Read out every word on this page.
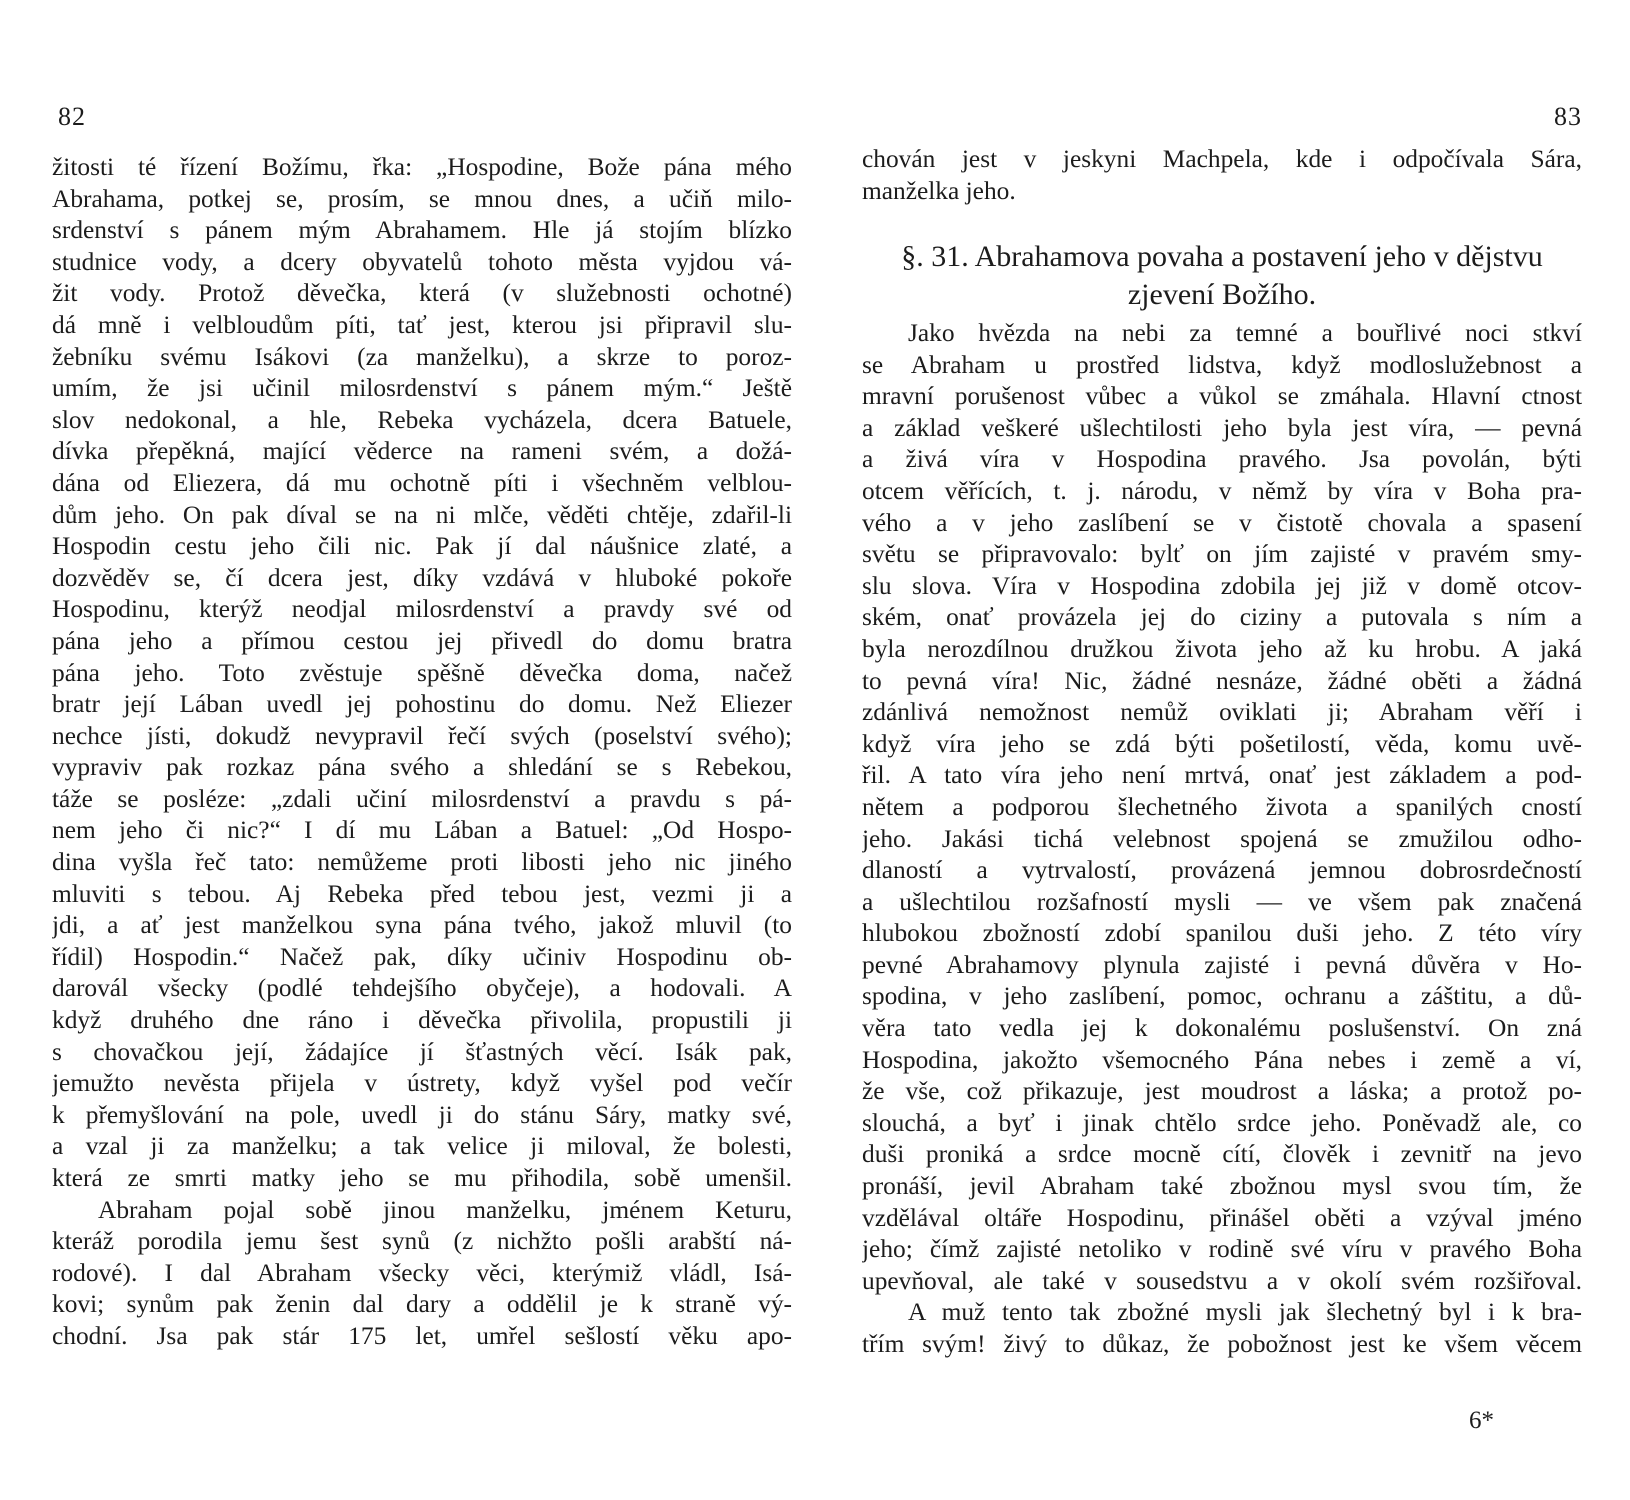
82
žitosti té řízení Božímu, řka: „Hospodine, Bože pána mého
Abrahama, potkej se, prosím, se mnou dnes, a učiň milo-
srdenství s pánem mým Abrahamem. Hle já stojím blízko
studnice vody, a dcery obyvatelů tohoto města vyjdou vá-
žit vody. Protož děvečka, která (v služebnosti ochotné)
dá mně i velbloudům píti, tať jest, kterou jsi připravil slu-
žebníku svému Isákovi (za manželku), a skrze to poroz-
umím, že jsi učinil milosrdenství s pánem mým.“ Ještě
slov nedokonal, a hle, Rebeka vycházela, dcera Batuele,
dívka přepěkná, mající věderce na rameni svém, a dožá-
dána od Eliezera, dá mu ochotně píti i všechněm velblou-
dům jeho. On pak díval se na ni mlče, věděti chtěje, zdařil-li
Hospodin cestu jeho čili nic. Pak jí dal náušnice zlaté, a
dozvěděv se, čí dcera jest, díky vzdává v hluboké pokoře
Hospodinu, kterýž neodjal milosrdenství a pravdy své od
pána jeho a přímou cestou jej přivedl do domu bratra
pána jeho. Toto zvěstuje spěšně děvečka doma, načež
bratr její Lában uvedl jej pohostinu do domu. Než Eliezer
nechce jísti, dokudž nevypravil řečí svých (poselství svého);
vypraviv pak rozkaz pána svého a shledání se s Rebekou,
táže se posléze: „zdali učiní milosrdenství a pravdu s pá-
nem jeho či nic?“ I dí mu Lában a Batuel: „Od Hospo-
dina vyšla řeč tato: nemůžeme proti libosti jeho nic jiného
mluviti s tebou. Aj Rebeka před tebou jest, vezmi ji a
jdi, a ať jest manželkou syna pána tvého, jakož mluvil (to
řídil) Hospodin.“ Načež pak, díky učiniv Hospodinu ob-
darovál všecky (podlé tehdejšího obyčeje), a hodovali. A
když druhého dne ráno i děvečka přivolila, propustili ji
s chovačkou její, žádajíce jí šťastných věcí. Isák pak,
jemužto nevěsta přijela v ústrety, když vyšel pod večír
k přemyšlování na pole, uvedl ji do stánu Sáry, matky své,
a vzal ji za manželku; a tak velice ji miloval, že bolesti,
která ze smrti matky jeho se mu přihodila, sobě umenšil.
Abraham pojal sobě jinou manželku, jménem Keturu,
kteráž porodila jemu šest synů (z nichžto pošli arabští ná-
rodové). I dal Abraham všecky věci, kterýmiž vládl, Isá-
kovi; synům pak ženin dal dary a oddělil je k straně vý-
chodní. Jsa pak stár 175 let, umřel sešlostí věku apo-
83
chován jest v jeskyni Machpela, kde i odpočívala Sára,
manželka jeho.
§. 31. Abrahamova povaha a postavení jeho v dějstvu
zjevení Božího.
Jako hvězda na nebi za temné a bouřlivé noci stkví
se Abraham u prostřed lidstva, když modloslužebnost a
mravní porušenost vůbec a vůkol se zmáhala. Hlavní ctnost
a základ veškeré ušlechtilosti jeho byla jest víra, — pevná
a živá víra v Hospodina pravého. Jsa povolán, býti
otcem věřících, t. j. národu, v němž by víra v Boha pra-
vého a v jeho zaslíbení se v čistotě chovala a spasení
světu se připravovalo: bylť on jím zajisté v pravém smy-
slu slova. Víra v Hospodina zdobila jej již v domě otcov-
ském, onať provázela jej do ciziny a putovala s ním a
byla nerozdílnou družkou života jeho až ku hrobu. A jaká
to pevná víra! Nic, žádné nesnáze, žádné oběti a žádná
zdánlivá nemožnost nemůž oviklati ji; Abraham věří i
když víra jeho se zdá býti pošetilostí, věda, komu uvě-
řil. A tato víra jeho není mrtvá, onať jest základem a pod-
nětem a podporou šlechetného života a spanilých cností
jeho. Jakási tichá velebnost spojená se zmužilou odho-
dlaností a vytrvalostí, provázená jemnou dobrosrdečností
a ušlechtilou rozšafností mysli — ve všem pak značená
hlubokou zbožností zdobí spanilou duši jeho. Z této víry
pevné Abrahamovy plynula zajisté i pevná důvěra v Ho-
spodina, v jeho zaslíbení, pomoc, ochranu a záštitu, a dů-
věra tato vedla jej k dokonalému poslušenství. On zná
Hospodina, jakožto všemocného Pána nebes i země a ví,
že vše, což přikazuje, jest moudrost a láska; a protož po-
slouchá, a byť i jinak chtělo srdce jeho. Poněvadž ale, co
duši proniká a srdce mocně cítí, člověk i zevnitř na jevo
pronáší, jevil Abraham také zbožnou mysl svou tím, že
vzdělával oltáře Hospodinu, přinášel oběti a vzýval jméno
jeho; čímž zajisté netoliko v rodině své víru v pravého Boha
upevňoval, ale také v sousedstvu a v okolí svém rozšiřoval.
A muž tento tak zbožné mysli jak šlechetný byl i k bra-
třím svým! živý to důkaz, že pobožnost jest ke všem věcem
6*
